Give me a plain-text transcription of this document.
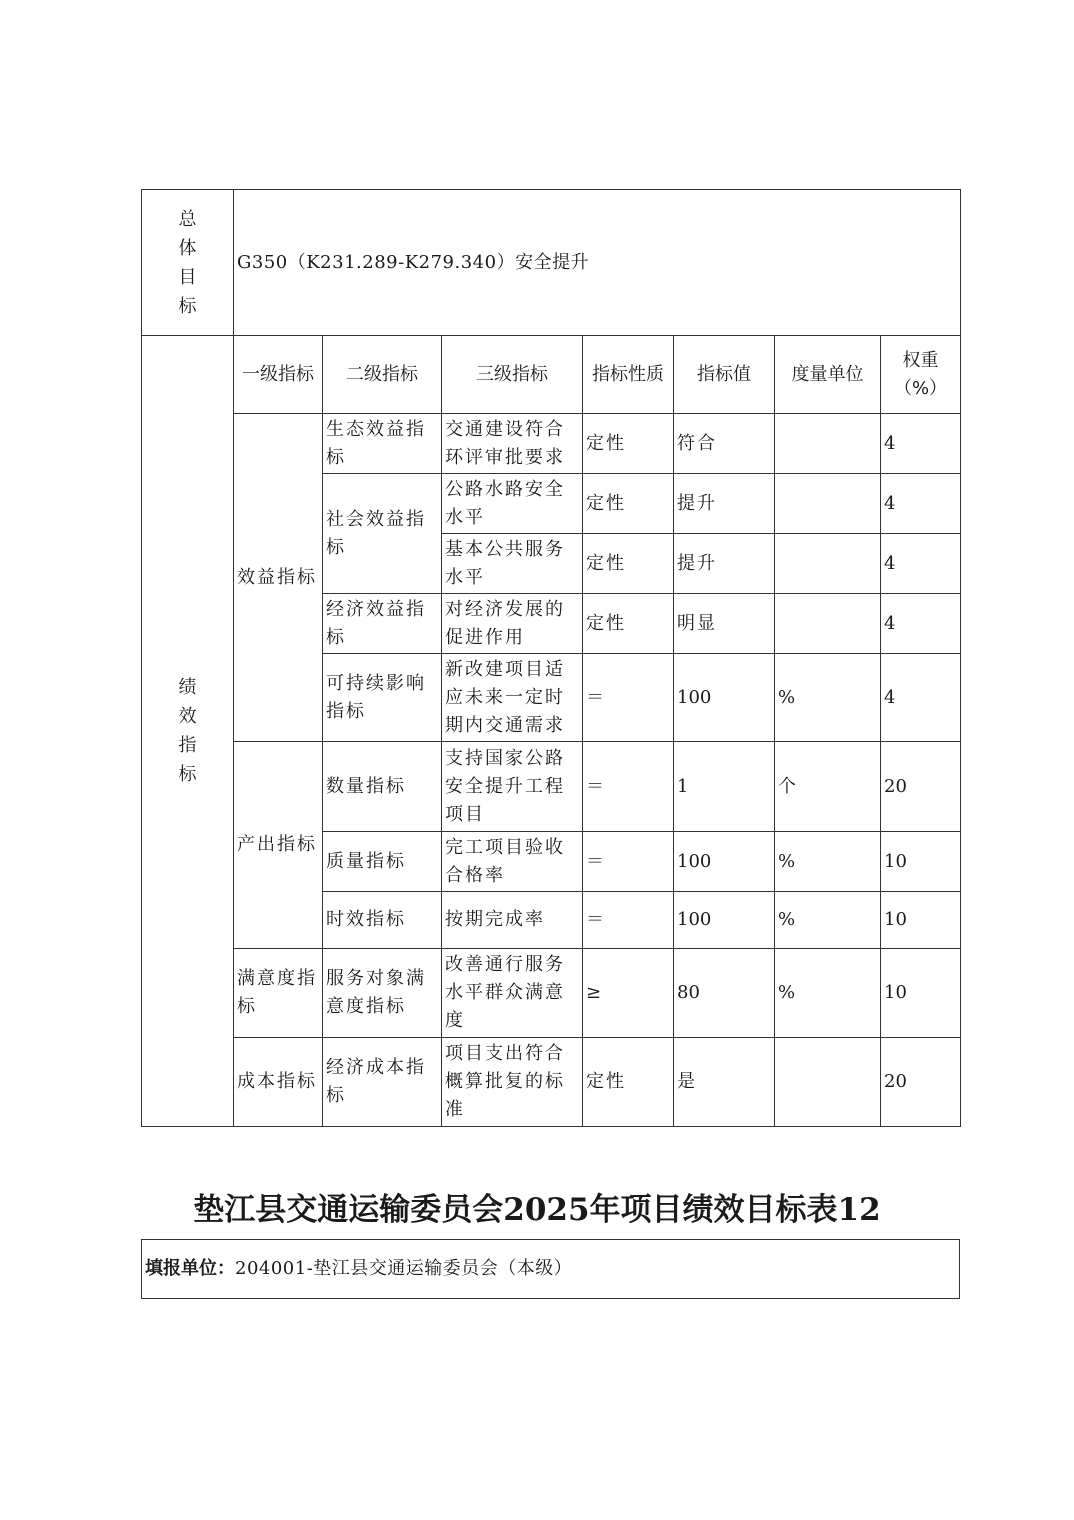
总体目标	G350（K231.289-K279.340）安全提升						
绩效指标	一级指标	二级指标	三级指标	指标性质	指标值	度量单位	权重（%）
	效益指标	生态效益指标	交通建设符合环评审批要求	定性	符合		4
		社会效益指标	公路水路安全水平	定性	提升		4
			基本公共服务水平	定性	提升		4
		经济效益指标	对经济发展的促进作用	定性	明显		4
		可持续影响指标	新改建项目适应未来一定时期内交通需求	＝	100	%	4
	产出指标	数量指标	支持国家公路安全提升工程项目	＝	1	个	20
		质量指标	完工项目验收合格率	＝	100	%	10
		时效指标	按期完成率	＝	100	%	10
	满意度指标	服务对象满意度指标	改善通行服务水平群众满意度	≥	80	%	10
	成本指标	经济成本指标	项目支出符合概算批复的标准	定性	是		20
垫江县交通运输委员会2025年项目绩效目标表12
填报单位：204001-垫江县交通运输委员会（本级）
